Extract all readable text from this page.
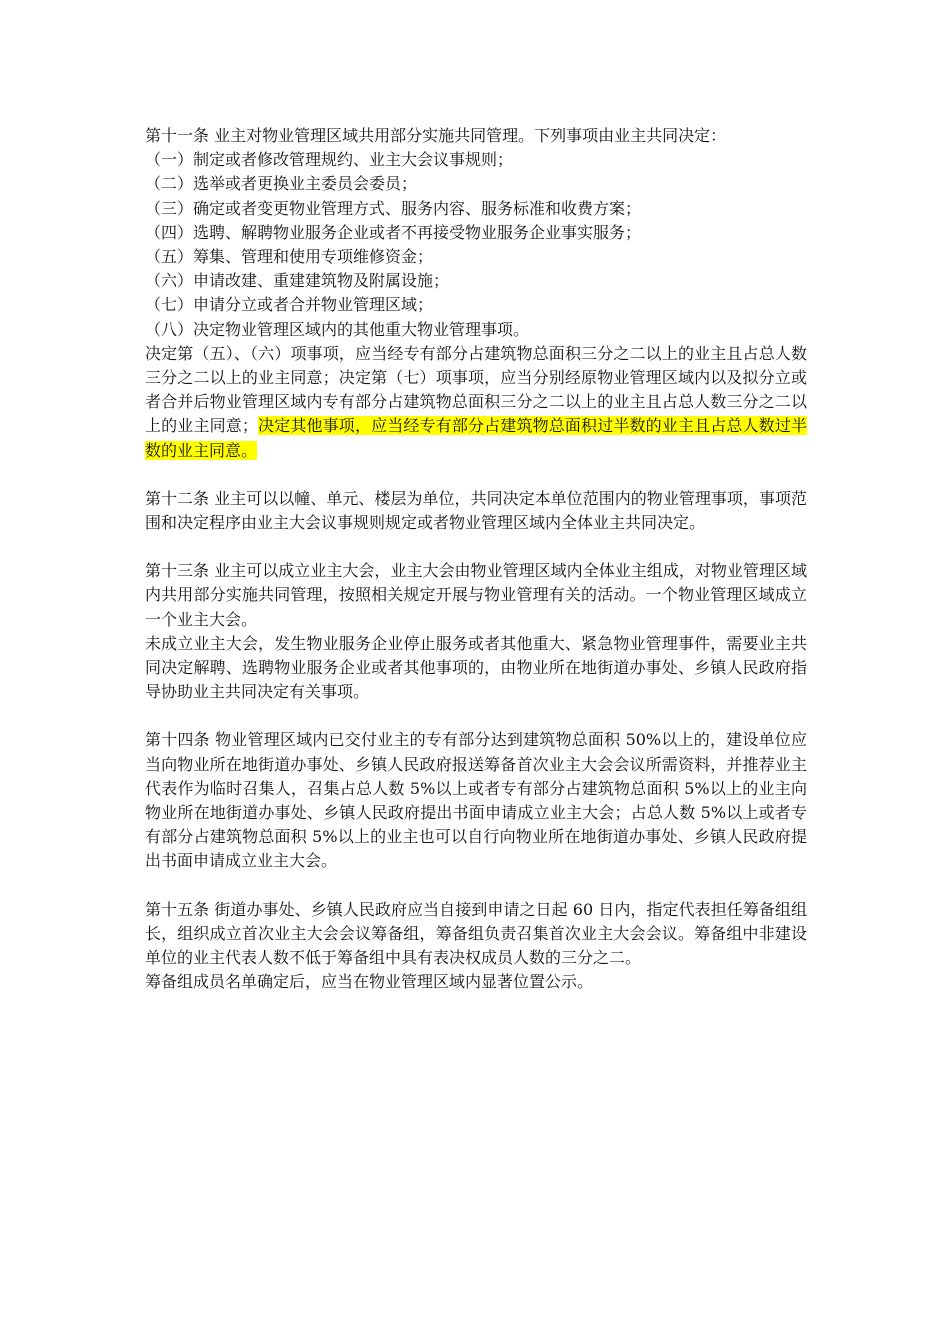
第十一条 业主对物业管理区域共用部分实施共同管理。下列事项由业主共同决定：

（一）制定或者修改管理规约、业主大会议事规则；

（二）选举或者更换业主委员会委员；

（三）确定或者变更物业管理方式、服务内容、服务标准和收费方案；

（四）选聘、解聘物业服务企业或者不再接受物业服务企业事实服务；

（五）筹集、管理和使用专项维修资金；

（六）申请改建、重建建筑物及附属设施；

（七）申请分立或者合并物业管理区域；

（八）决定物业管理区域内的其他重大物业管理事项。

决定第（五）、（六）项事项，应当经专有部分占建筑物总面积三分之二以上的业主且占总人数三分之二以上的业主同意；决定第（七）项事项，应当分别经原物业管理区域内以及拟分立或者合并后物业管理区域内专有部分占建筑物总面积三分之二以上的业主且占总人数三分之二以上的业主同意；决定其他事项，应当经专有部分占建筑物总面积过半数的业主且占总人数过半数的业主同意。

第十二条 业主可以以幢、单元、楼层为单位，共同决定本单位范围内的物业管理事项，事项范围和决定程序由业主大会议事规则规定或者物业管理区域内全体业主共同决定。

第十三条 业主可以成立业主大会，业主大会由物业管理区域内全体业主组成，对物业管理区域内共用部分实施共同管理，按照相关规定开展与物业管理有关的活动。一个物业管理区域成立一个业主大会。

未成立业主大会，发生物业服务企业停止服务或者其他重大、紧急物业管理事件，需要业主共同决定解聘、选聘物业服务企业或者其他事项的，由物业所在地街道办事处、乡镇人民政府指导协助业主共同决定有关事项。

第十四条 物业管理区域内已交付业主的专有部分达到建筑物总面积 50%以上的，建设单位应当向物业所在地街道办事处、乡镇人民政府报送筹备首次业主大会会议所需资料，并推荐业主代表作为临时召集人，召集占总人数 5%以上或者专有部分占建筑物总面积 5%以上的业主向物业所在地街道办事处、乡镇人民政府提出书面申请成立业主大会；占总人数 5%以上或者专有部分占建筑物总面积 5%以上的业主也可以自行向物业所在地街道办事处、乡镇人民政府提出书面申请成立业主大会。

第十五条 街道办事处、乡镇人民政府应当自接到申请之日起 60 日内，指定代表担任筹备组组长，组织成立首次业主大会会议筹备组，筹备组负责召集首次业主大会会议。筹备组中非建设单位的业主代表人数不低于筹备组中具有表决权成员人数的三分之二。

筹备组成员名单确定后，应当在物业管理区域内显著位置公示。
